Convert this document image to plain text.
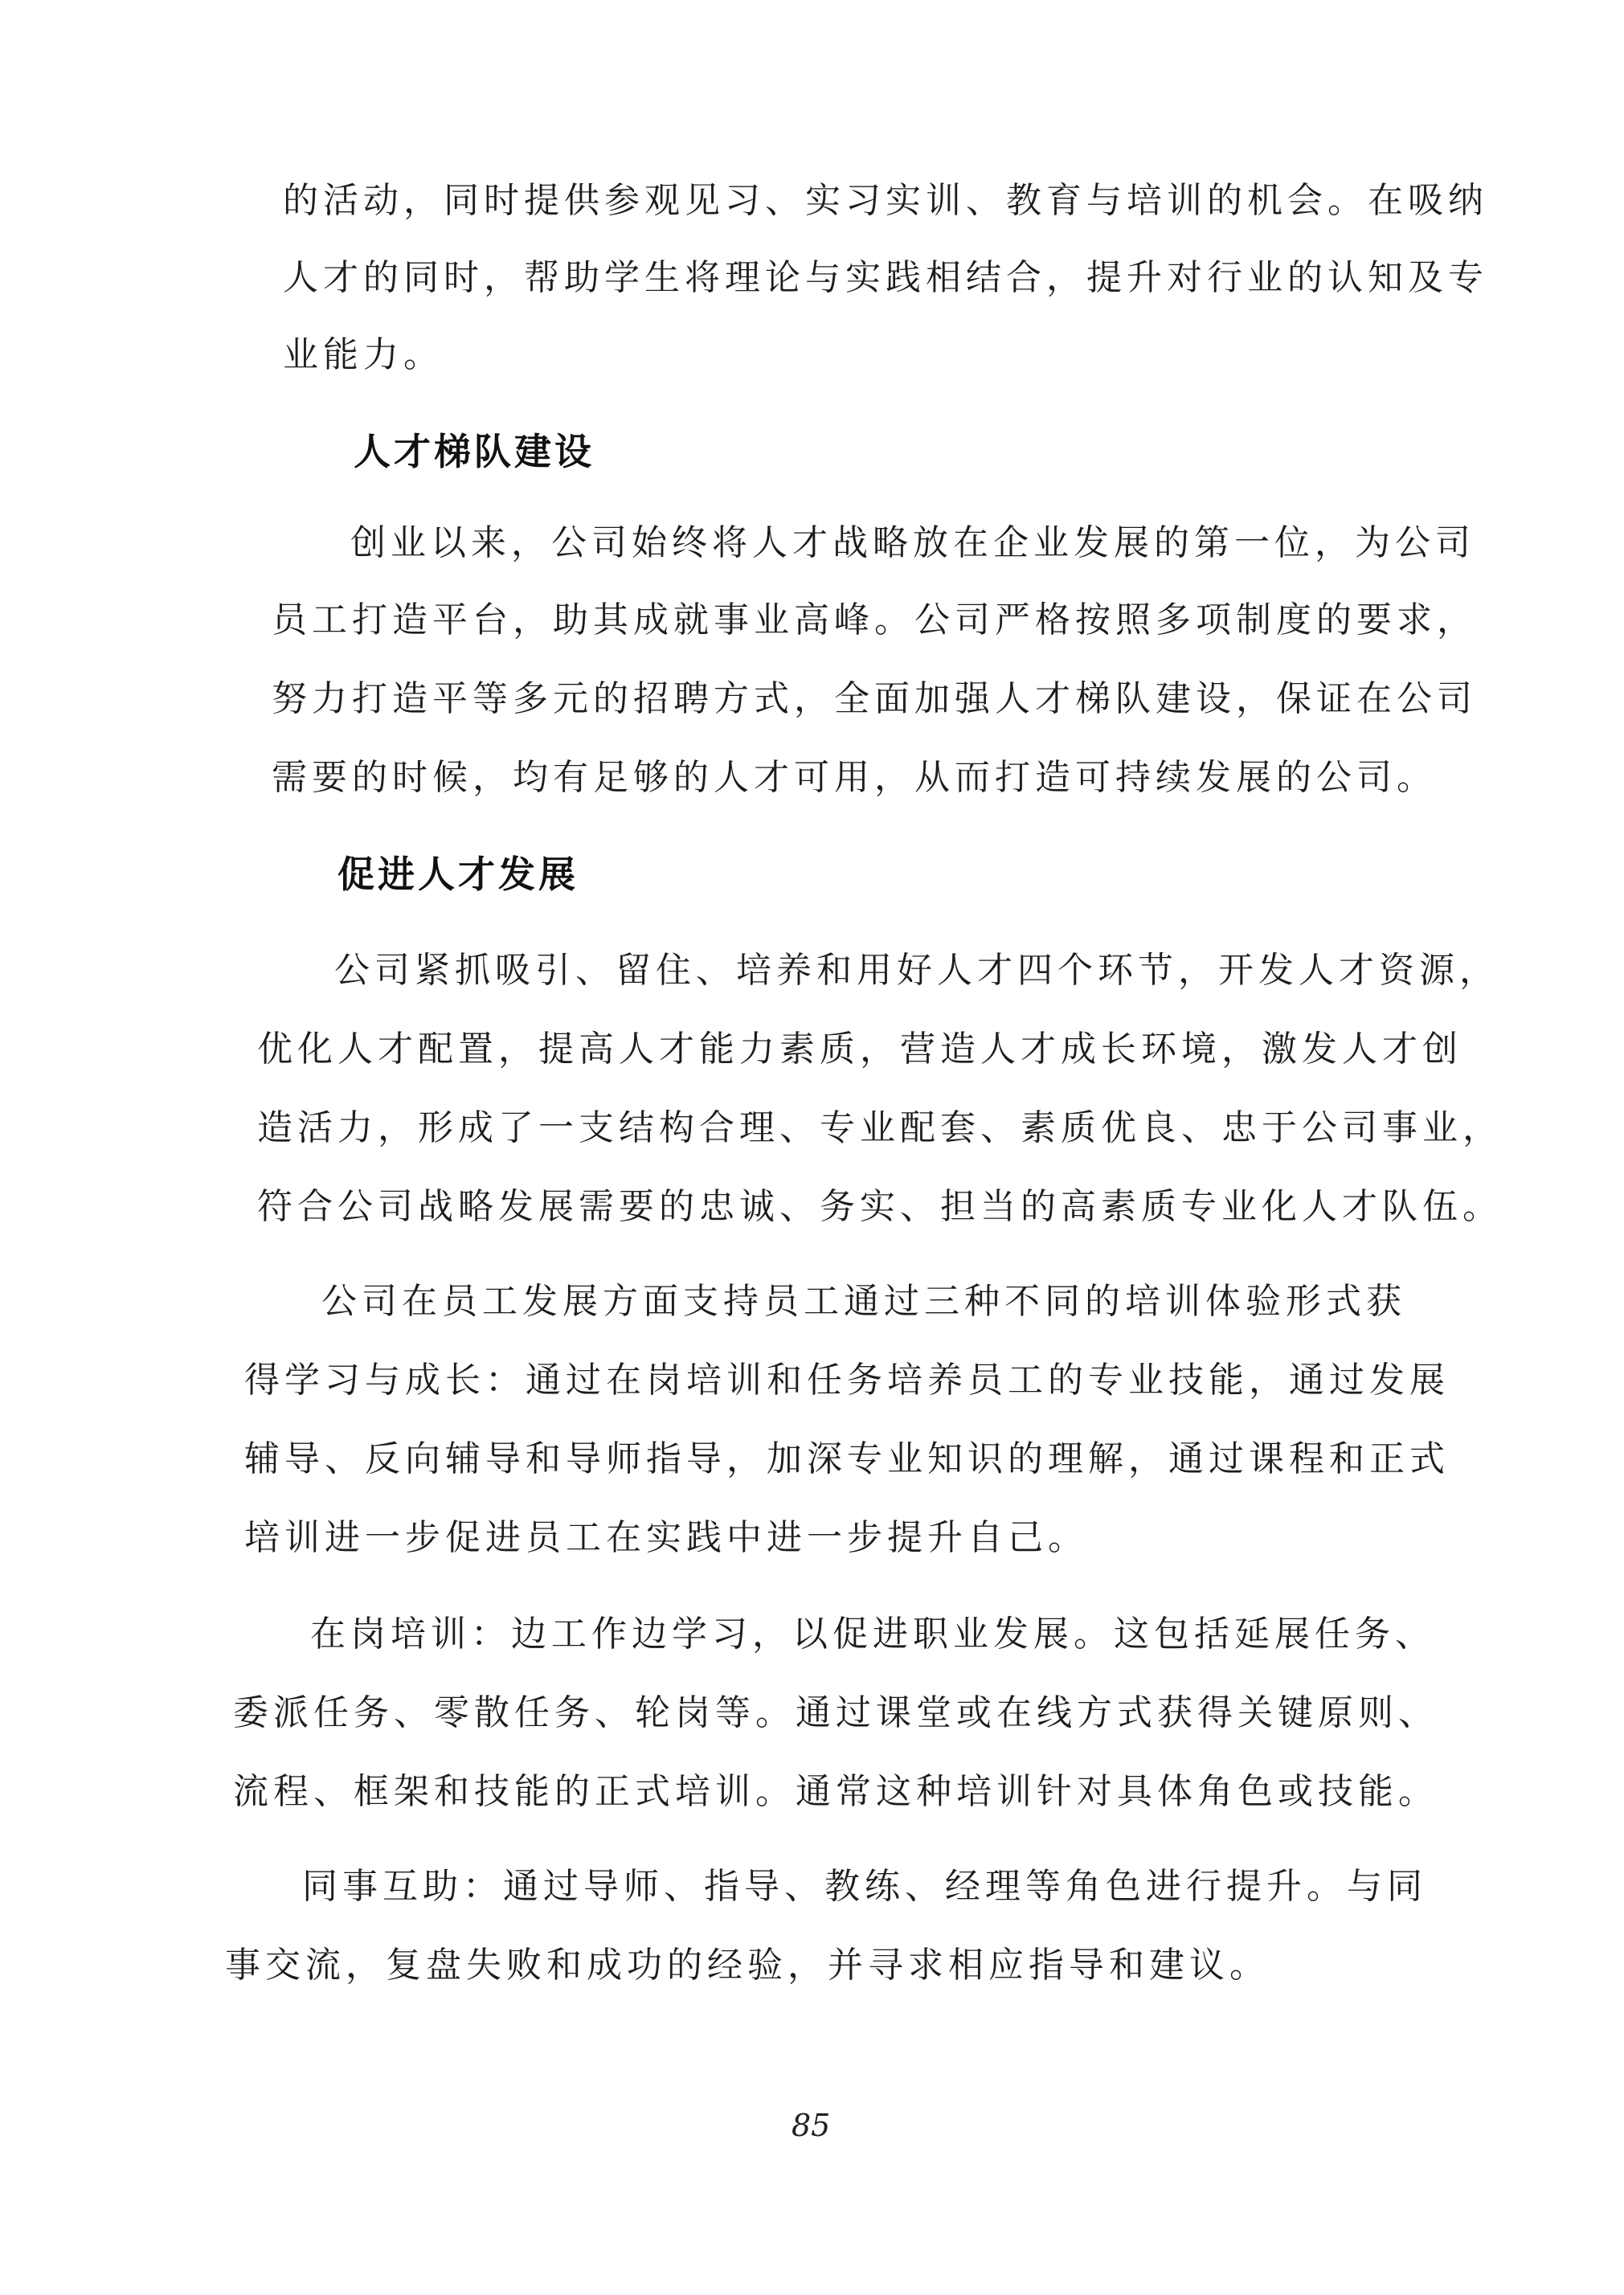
的活动，同时提供参观见习、实习实训、教育与培训的机会。在吸纳
人才的同时，帮助学生将理论与实践相结合，提升对行业的认知及专
业能力。
人才梯队建设
创业以来，公司始终将人才战略放在企业发展的第一位，为公司
员工打造平台，助其成就事业高峰。公司严格按照多项制度的要求，
努力打造平等多元的招聘方式，全面加强人才梯队建设，保证在公司
需要的时候，均有足够的人才可用，从而打造可持续发展的公司。
促进人才发展
公司紧抓吸引、留住、培养和用好人才四个环节，开发人才资源，
优化人才配置，提高人才能力素质，营造人才成长环境，激发人才创
造活力，形成了一支结构合理、专业配套、素质优良、忠于公司事业，
符合公司战略发展需要的忠诚、务实、担当的高素质专业化人才队伍。
公司在员工发展方面支持员工通过三种不同的培训体验形式获
得学习与成长：通过在岗培训和任务培养员工的专业技能，通过发展
辅导、反向辅导和导师指导，加深专业知识的理解，通过课程和正式
培训进一步促进员工在实践中进一步提升自己。
在岗培训：边工作边学习，以促进职业发展。这包括延展任务、
委派任务、零散任务、轮岗等。通过课堂或在线方式获得关键原则、
流程、框架和技能的正式培训。通常这种培训针对具体角色或技能。
同事互助：通过导师、指导、教练、经理等角色进行提升。与同
事交流，复盘失败和成功的经验，并寻求相应指导和建议。
85
